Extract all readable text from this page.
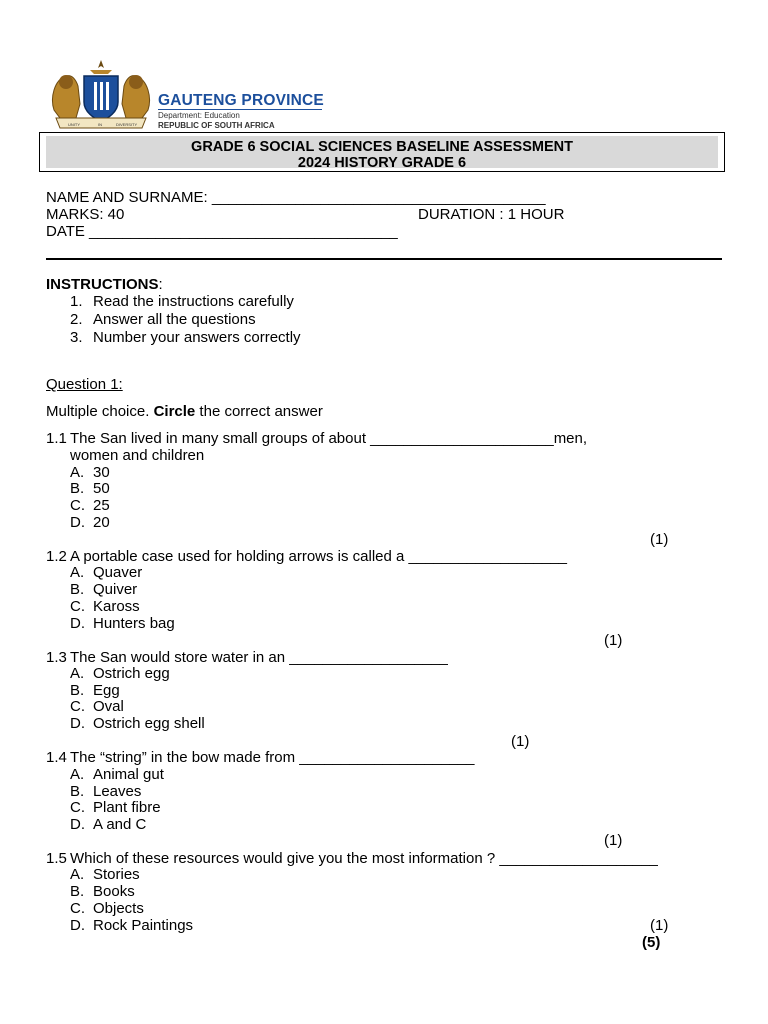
UNITY	IN	DIVERSITY
GAUTENG PROVINCE
Department: Education
REPUBLIC OF SOUTH AFRICA
GRADE 6 SOCIAL SCIENCES BASELINE ASSESSMENT
2024 HISTORY GRADE 6
NAME AND SURNAME: ________________________________________
MARKS: 40	DURATION : 1 HOUR
DATE _____________________________________
INSTRUCTIONS:
1. Read the instructions carefully
2. Answer all the questions
3. Number your answers correctly
Question 1:
Multiple choice. Circle the correct answer
1.1 The San lived in many small groups of about ______________________men,
women and children
A. 30
B. 50
C. 25
D. 20
(1)
1.2 A portable case used for holding arrows is called a ___________________
A. Quaver
B. Quiver
C. Kaross
D. Hunters bag
(1)
1.3 The San would store water in an ___________________
A. Ostrich egg
B. Egg
C. Oval
D. Ostrich egg shell
(1)
1.4 The “string” in the bow made from _____________________
A. Animal gut
B. Leaves
C. Plant fibre
D. A and C
(1)
1.5 Which of these resources would give you the most information ? ___________________
A. Stories
B. Books
C. Objects
D. Rock Paintings	(1)
(5)
